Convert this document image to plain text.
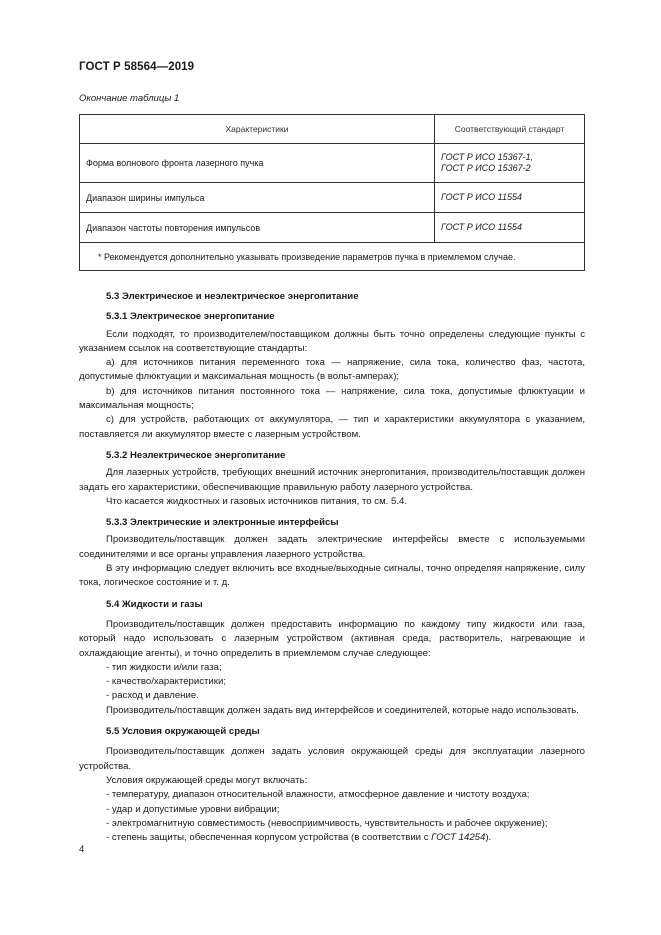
ГОСТ Р 58564—2019
Окончание таблицы 1
Характеристики	Соответствующий стандарт
Форма волнового фронта лазерного пучка	ГОСТ Р ИСО 15367-1,
ГОСТ Р ИСО 15367-2
Диапазон ширины импульса	ГОСТ Р ИСО 11554
Диапазон частоты повторения импульсов	ГОСТ Р ИСО 11554
* Рекомендуется дополнительно указывать произведение параметров пучка в приемлемом случае.	

5.3 Электрическое и неэлектрическое энергопитание

5.3.1 Электрическое энергопитание

Если подходят, то производителем/поставщиком должны быть точно определены следующие пункты с указанием ссылок на соответствующие стандарты:

а) для источников питания переменного тока — напряжение, сила тока, количество фаз, частота, допустимые флюктуации и максимальная мощность (в вольт-амперах);

b) для источников питания постоянного тока — напряжение, сила тока, допустимые флюктуации и максимальная мощность;

с) для устройств, работающих от аккумулятора, — тип и характеристики аккумулятора с указанием, поставляется ли аккумулятор вместе с лазерным устройством.

5.3.2 Неэлектрическое энергопитание

Для лазерных устройств, требующих внешний источник энергопитания, производитель/поставщик должен задать его характеристики, обеспечивающие правильную работу лазерного устройства.

Что касается жидкостных и газовых источников питания, то см. 5.4.

5.3.3 Электрические и электронные интерфейсы

Производитель/поставщик должен задать электрические интерфейсы вместе с используемыми соединителями и все органы управления лазерного устройства.

В эту информацию следует включить все входные/выходные сигналы, точно определяя напряжение, силу тока, логическое состояние и т. д.

5.4 Жидкости и газы

Производитель/поставщик должен предоставить информацию по каждому типу жидкости или газа, который надо использовать с лазерным устройством (активная среда, растворитель, нагревающие и охлаждающие агенты), и точно определить в приемлемом случае следующее:

- тип жидкости и/или газа;

- качество/характеристики;

- расход и давление.

Производитель/поставщик должен задать вид интерфейсов и соединителей, которые надо использовать.

5.5 Условия окружающей среды

Производитель/поставщик должен задать условия окружающей среды для эксплуатации лазерного устройства.

Условия окружающей среды могут включать:

- температуру, диапазон относительной влажности, атмосферное давление и чистоту воздуха;

- удар и допустимые уровни вибрации;

- электромагнитную совместимость (невосприимчивость, чувствительность и рабочее окружение);

- степень защиты, обеспеченная корпусом устройства (в соответствии с ГОСТ 14254).

4
